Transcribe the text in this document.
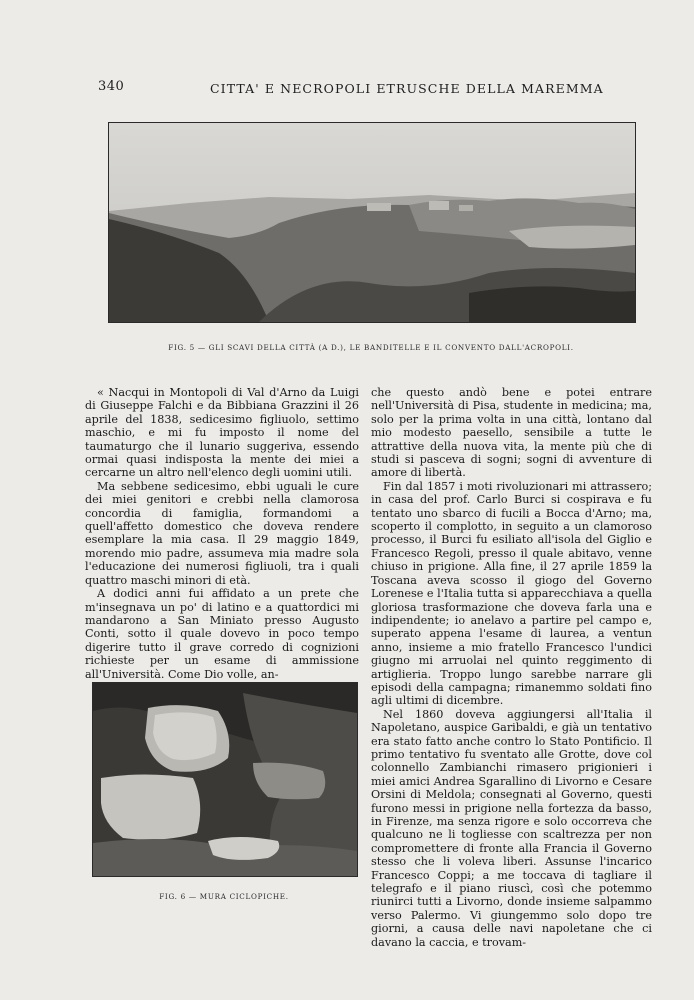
340	CITTA' E NECROPOLI ETRUSCHE DELLA MAREMMA
FIG. 5 — GLI SCAVI DELLA CITTÀ (A D.), LE BANDITELLE E IL CONVENTO DALL'ACROPOLI.

« Nacqui in Montopoli di Val d'Arno da Luigi di Giuseppe Falchi e da Bibbiana Grazzini il 26 aprile del 1838, sedicesimo figliuolo, settimo maschio, e mi fu imposto il nome del taumaturgo che il lunario suggeriva, essendo ormai quasi indisposta la mente dei miei a cercarne un altro nell'elenco degli uomini utili.

Ma sebbene sedicesimo, ebbi uguali le cure dei miei genitori e crebbi nella clamorosa concordia di famiglia, formandomi a quell'affetto domestico che doveva rendere esemplare la mia casa. Il 29 maggio 1849, morendo mio padre, assumeva mia madre sola l'educazione dei numerosi figliuoli, tra i quali quattro maschi minori di età.

A dodici anni fui affidato a un prete che m'insegnava un po' di latino e a quattordici mi mandarono a San Miniato presso Augusto Conti, sotto il quale dovevo in poco tempo digerire tutto il grave corredo di cognizioni richieste per un esame di ammissione all'Università. Come Dio volle, an-

che questo andò bene e potei entrare nell'Università di Pisa, studente in medicina; ma, solo per la prima volta in una città, lontano dal mio modesto paesello, sensibile a tutte le attrattive della nuova vita, la mente più che di studi si pasceva di sogni; sogni di avventure di amore di libertà.

Fin dal 1857 i moti rivoluzionari mi attrassero; in casa del prof. Carlo Burci si cospirava e fu tentato uno sbarco di fucili a Bocca d'Arno; ma, scoperto il complotto, in seguito a un clamoroso processo, il Burci fu esiliato all'isola del Giglio e Francesco Regoli, presso il quale abitavo, venne chiuso in prigione. Alla fine, il 27 aprile 1859 la Toscana aveva scosso il giogo del Governo Lorenese e l'Italia tutta si apparecchiava a quella gloriosa trasformazione che doveva farla una e indipendente; io anelavo a partire pel campo e, superato appena l'esame di laurea, a ventun anno, insieme a mio fratello Francesco l'undici giugno mi arruolai nel quinto reggimento di artiglieria. Troppo lungo sarebbe narrare gli episodi della campagna; rimanemmo soldati fino agli ultimi di dicembre.

Nel 1860 doveva aggiungersi all'Italia il Napoletano, auspice Garibaldi, e già un tentativo era stato fatto anche contro lo Stato Pontificio. Il primo tentativo fu sventato alle Grotte, dove col colonnello Zambianchi rimasero prigionieri i miei amici Andrea Sgarallino di Livorno e Cesare Orsini di Meldola; consegnati al Governo, questi furono messi in prigione nella fortezza da basso, in Firenze, ma senza rigore e solo occorreva che qualcuno ne li togliesse con scaltrezza per non compromettere di fronte alla Francia il Governo stesso che li voleva liberi. Assunse l'incarico Francesco Coppi; a me toccava di tagliare il telegrafo e il piano riuscì, così che potemmo riunirci tutti a Livorno, donde insieme salpammo verso Palermo. Vi giungemmo solo dopo tre giorni, a causa delle navi napoletane che ci davano la caccia, e trovam-

FIG. 6 — MURA CICLOPICHE.
